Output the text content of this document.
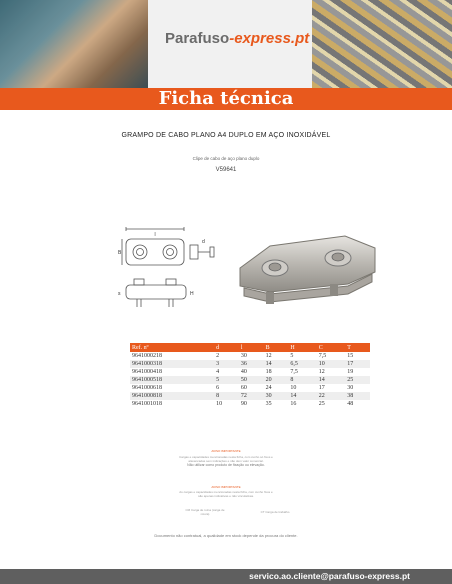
Parafuso-express.pt
Ficha técnica
GRAMPO DE CABO PLANO A4 DUPLO EM AÇO INOXIDÁVEL
Clipe de cabo de aço plano duplo
V59641
l
B
d
H
s
Ref. nº	d	l	B	H	C	T
9641000218	2	30	12	5	7,5	15
9641000318	3	36	14	6,5	10	17
9641000418	4	40	18	7,5	12	19
9641000518	5	50	20	8	14	25
9641000618	6	60	24	10	17	30
9641000818	8	72	30	14	22	38
9641001018	10	90	35	16	25	48
AVISO IMPORTANTE
Cargas e capacidades mencionadas nesta ficha, com cunho só fixos e
alavancadas sem indicações e não dem valor comercial.
Não utilizar como produto de fixação ou elevação.
AVISO IMPORTANTE
As cargas e capacidades mencionadas nesta ficha, com cunho fixos e
são apenas indicativas e não vinculativas.
CM Carga de ruína (carga de
rotura)	CT Carga de trabalho
Documento não contratual, a qualidade em stock depende da procura do cliente.
servico.ao.cliente@parafuso-express.pt
